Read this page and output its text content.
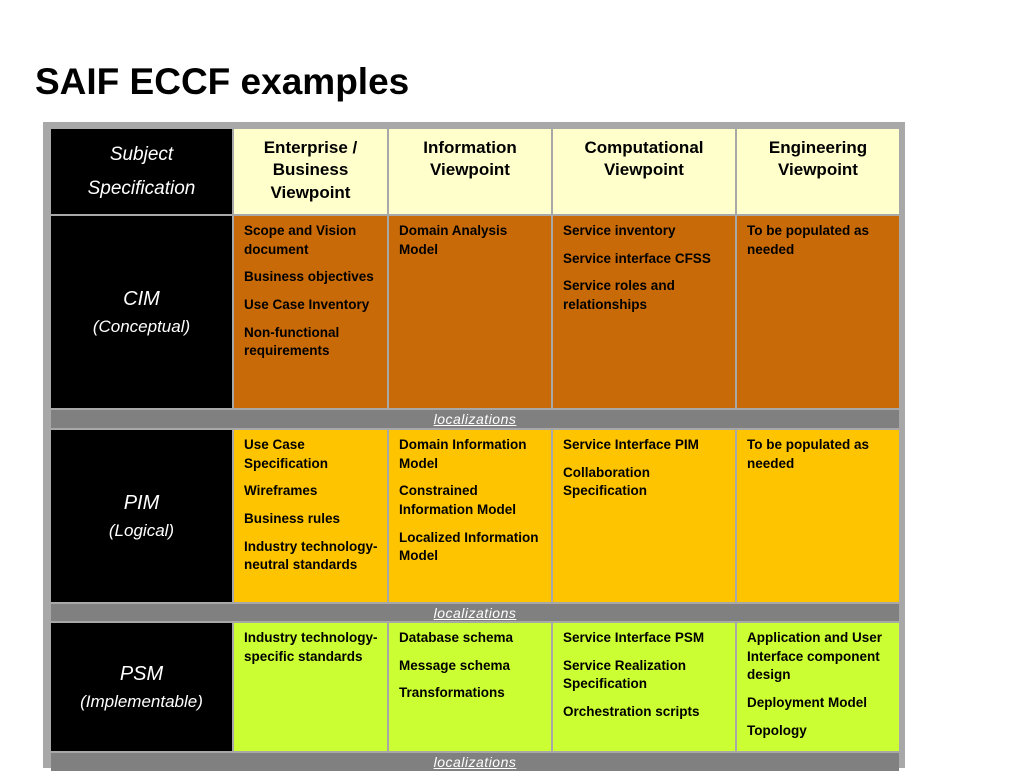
SAIF ECCF examples
Subject
Specification
Enterprise /
Business
Viewpoint
Information
Viewpoint
Computational
Viewpoint
Engineering
Viewpoint
CIM
(Conceptual)
Scope and Vision document
Business objectives
Use Case Inventory
Non-functional requirements
Domain Analysis Model
Service inventory
Service interface CFSS
Service roles and relationships
To be populated as needed
localizations
PIM
(Logical)
Use Case Specification
Wireframes
Business rules
Industry technology-neutral standards
Domain Information Model
Constrained Information Model
Localized Information Model
Service Interface PIM
Collaboration Specification
To be populated as needed
localizations
PSM
(Implementable)
Industry technology-specific standards
Database schema
Message schema
Transformations
Service Interface PSM
Service Realization Specification
Orchestration scripts
Application and User Interface component design
Deployment Model
Topology
localizations
